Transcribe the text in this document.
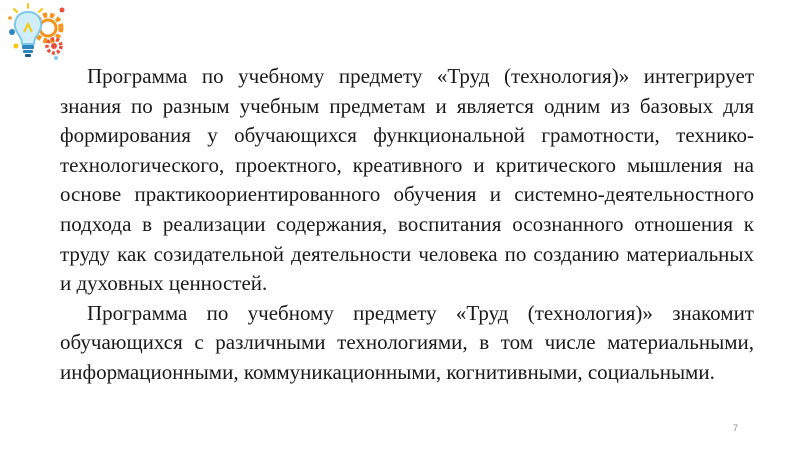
Программа по учебному предмету «Труд (технология)» интегрирует знания по разным учебным предметам и является одним из базовых для формирования у обучающихся функциональной грамотности, технико-технологического, проектного, креативного и критического мышления на основе практикоориентированного обучения и системно-деятельностного подхода в реализации содержания, воспитания осознанного отношения к труду как созидательной деятельности человека по созданию материальных и духовных ценностей.

Программа по учебному предмету «Труд (технология)» знакомит обучающихся с различными технологиями, в том числе материальными, информационными, коммуникационными, когнитивными, социальными.

7
